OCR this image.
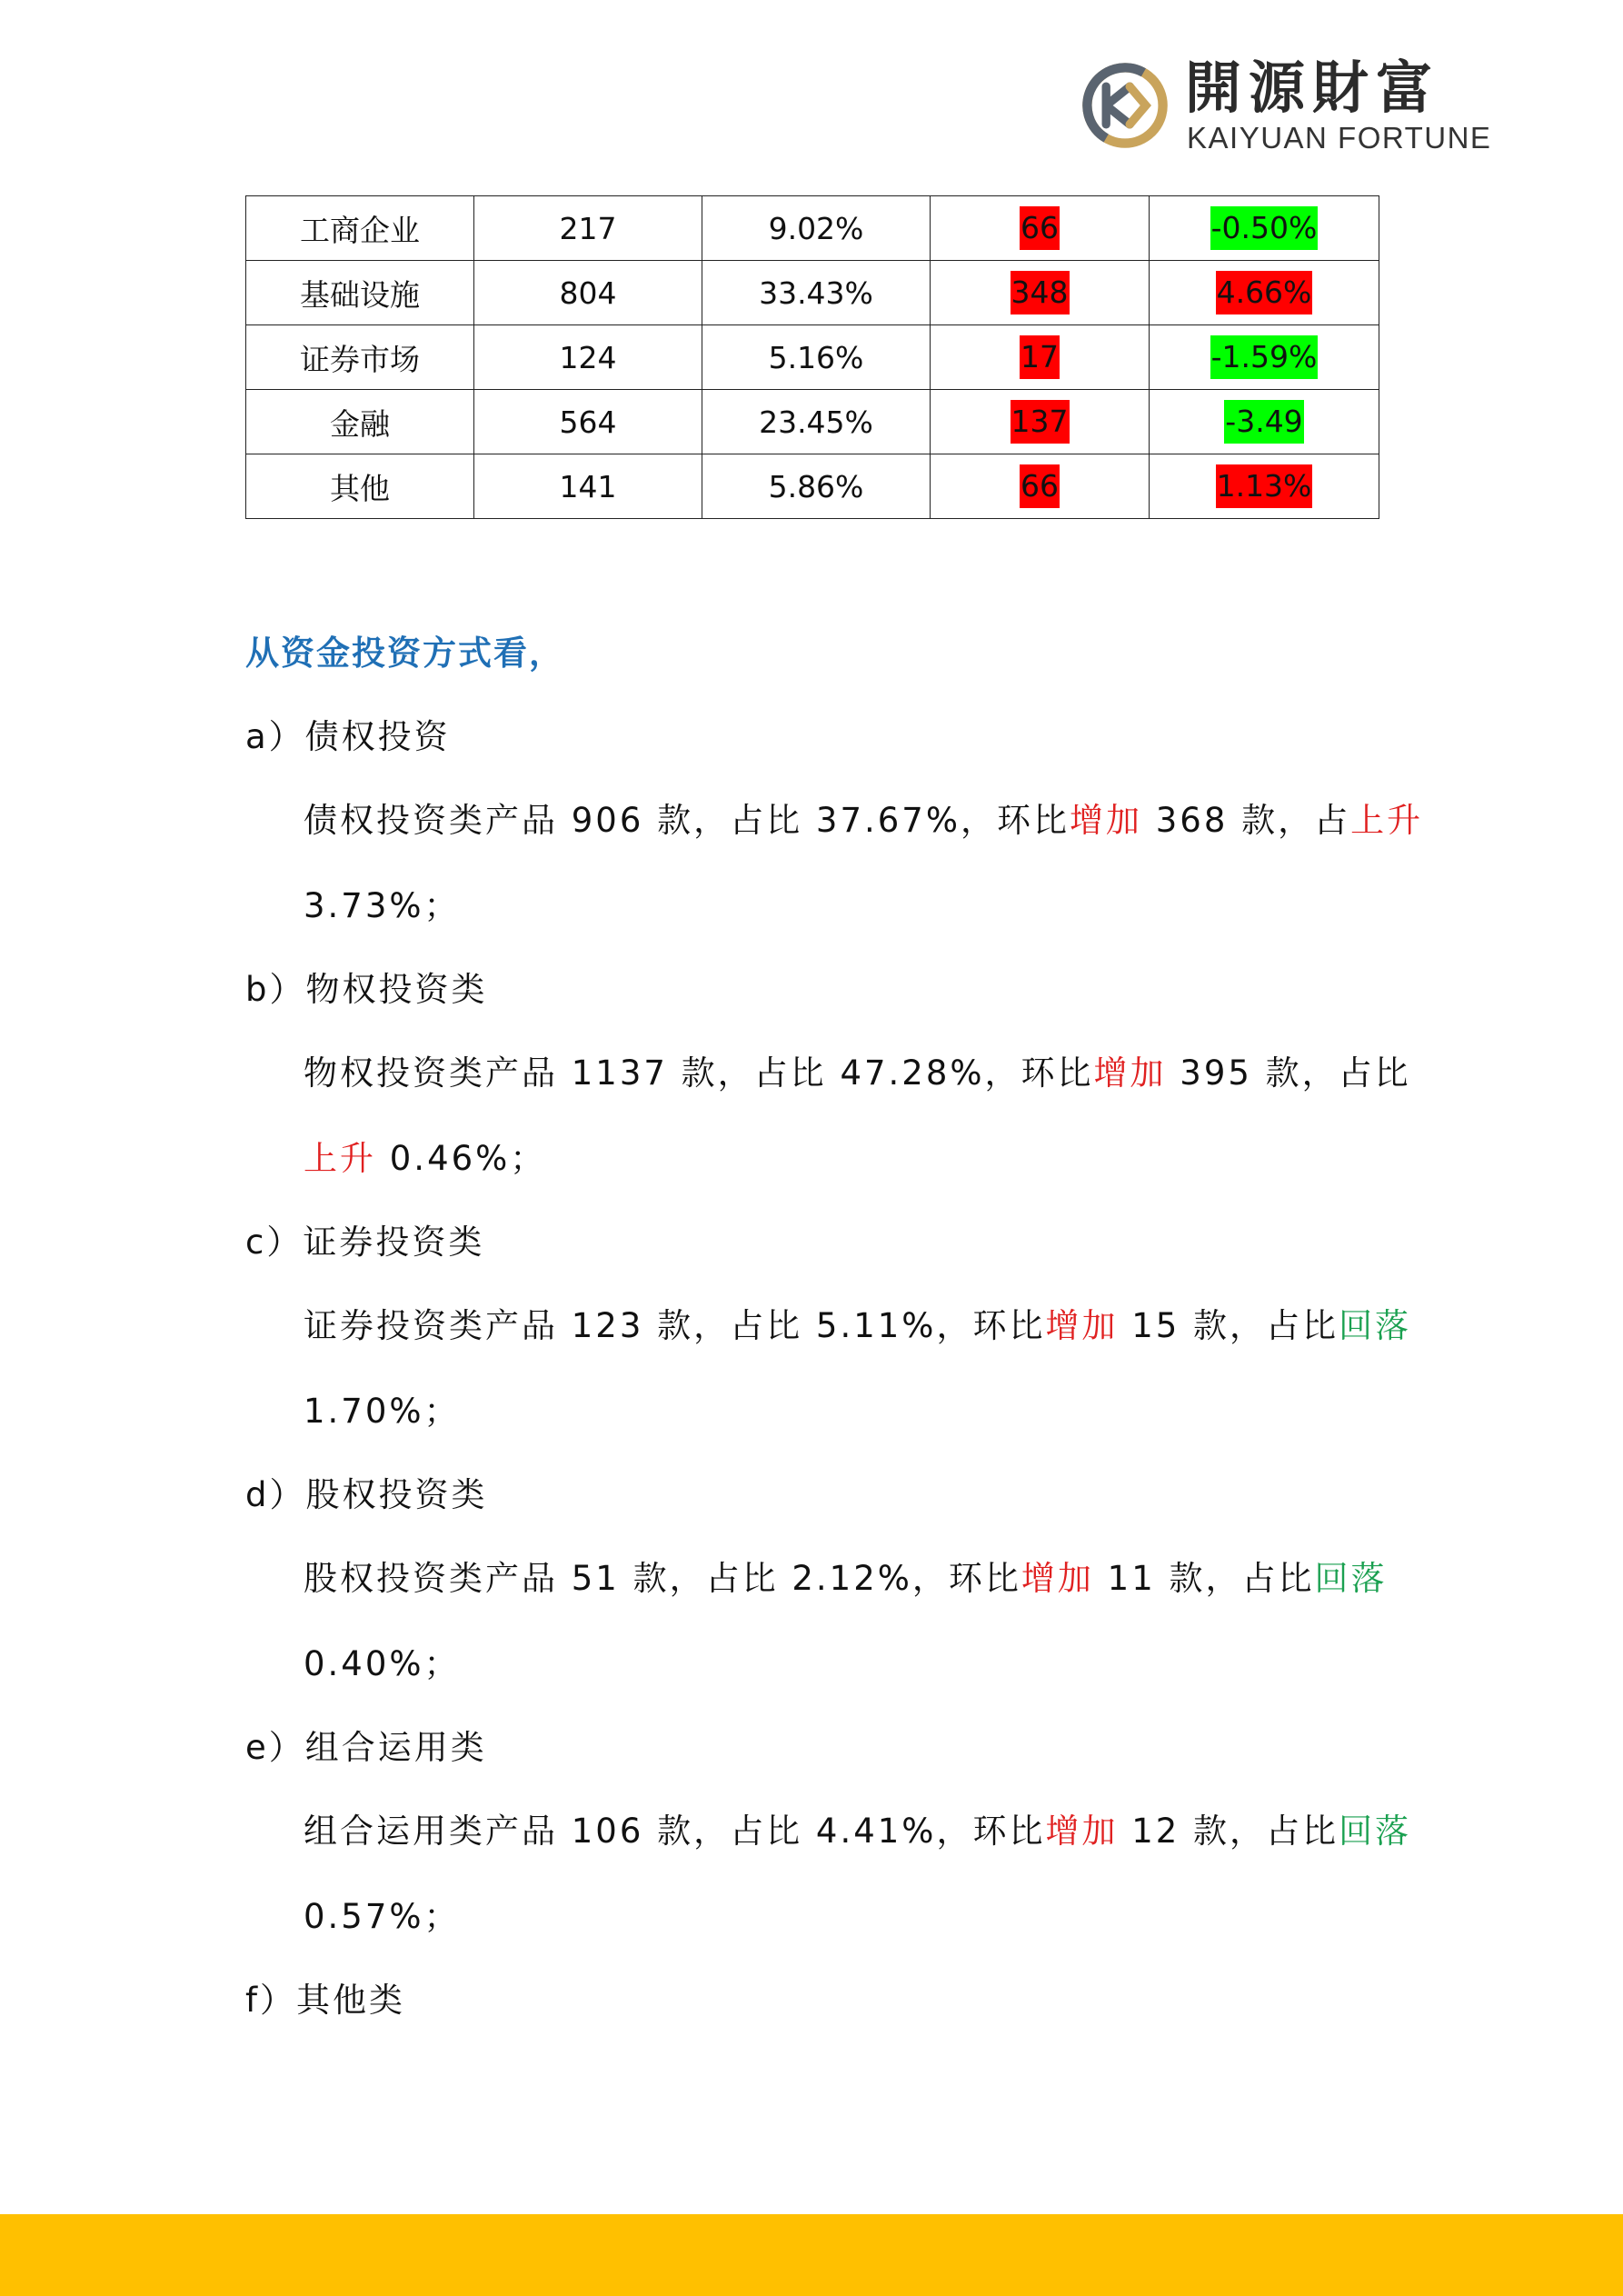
開源財富
KAIYUAN FORTUNE
工商企业	217	9.02%	66	-0.50%
基础设施	804	33.43%	348	4.66%
证券市场	124	5.16%	17	-1.59%
金融	564	23.45%	137	-3.49
其他	141	5.86%	66	1.13%
从资金投资方式看，
a）债权投资
债权投资类产品 906 款，占比 37.67%，环比增加 368 款，占上升
3.73%；
b）物权投资类
物权投资类产品 1137 款，占比 47.28%，环比增加 395 款，占比
上升 0.46%；
c）证券投资类
证券投资类产品 123 款，占比 5.11%，环比增加 15 款，占比回落
1.70%；
d）股权投资类
股权投资类产品 51 款，占比 2.12%，环比增加 11 款，占比回落
0.40%；
e）组合运用类
组合运用类产品 106 款，占比 4.41%，环比增加 12 款，占比回落
0.57%；
f）其他类
